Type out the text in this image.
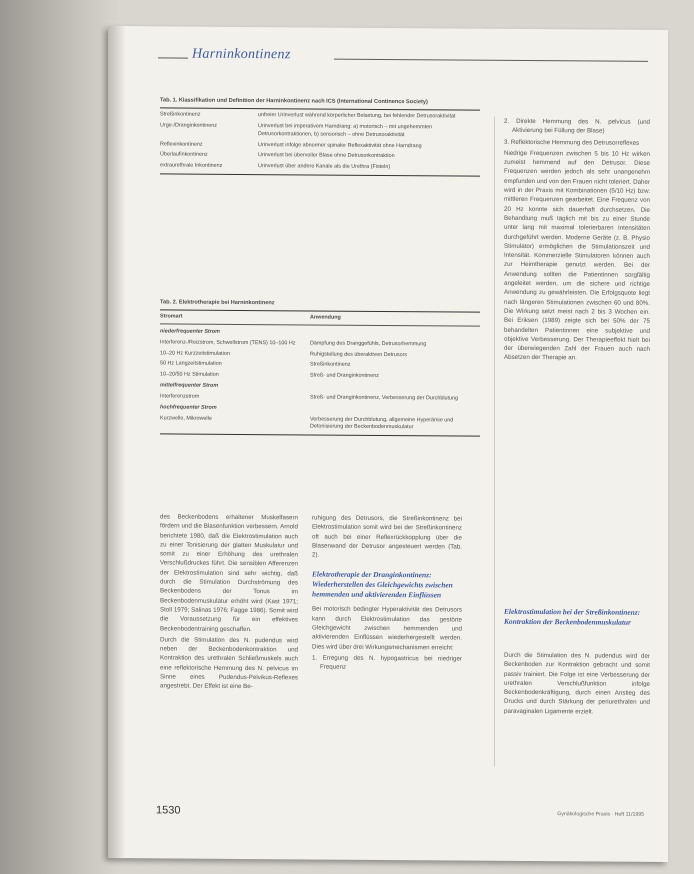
Harninkontinenz
Tab. 1. Klassifikation und Definition der Harninkontinenz nach ICS (International Continence Society)
Streßinkontinenz	unfreier Urinverlust während körperlicher Belastung, bei fehlender Detrusoraktivität
Urge-/Dranginkontinenz	Urinverlust bei imperativem Harndrang: a) motorisch – mit ungehemmten Detrusorkontraktionen, b) sensorisch – ohne Detrusoraktivität
Reflexinkontinenz	Urinverlust infolge abnormer spinaler Reflexaktivität ohne Harndrang
Überlaufinkontinenz	Urinverlust bei übervoller Blase ohne Detrusorkontraktion
extraurethrale Inkontinenz	Urinverlust über andere Kanäle als die Urethra (Fisteln)
Tab. 2. Elektrotherapie bei Harninkontinenz
Stromart	Anwendung
niederfrequenter Strom
Interferenz-/Reizstrom, Schwellstrom (TENS) 10–100 Hz	Dämpfung des Dranggefühls, Detrusorhemmung
10–20 Hz Kurzzeitstimulation	Ruhigstellung des überaktiven Detrusors
50 Hz Langzeitstimulation	Streßinkontinenz
10–20/50 Hz Stimulation	Streß- und Dranginkontinenz
mittelfrequenter Strom
Interferenzstrom	Streß- und Dranginkontinenz, Verbesserung der Durchblutung
hochfrequenter Strom
Kurzwelle, Mikrowelle	Verbesserung der Durchblutung, allgemeine Hyperämie und Detonisierung der Beckenbodenmuskulatur

des Beckenbodens erhaltener Muskelfasern fördern und die Blasenfunktion verbessern. Arnold berichtete 1980, daß die Elektrostimulation auch zu einer Tonisierung der glatten Muskulatur und somit zu einer Erhöhung des urethralen Verschlußdruckes führt. Die sensiblen Afferenzen der Elektrostimulation sind sehr wichtig, daß durch die Stimulation Durchströmung des Beckenbodens der Tonus im Beckenbodenmuskulatur erhöht wird (Kast 1971; Stoll 1979; Salinas 1976; Fagge 1986). Somit wird die Voraussetzung für ein effektives Beckenbodentraining geschaffen.

Durch die Stimulation des N. pudendus wird neben der Beckenbodenkontraktion und Kontraktion des urethralen Schließmuskels auch eine reflektorische Hemmung des N. pelvicus im Sinne eines Pudendus-Pelvikus-Reflexes angestrebt. Der Effekt ist eine Be-

ruhigung des Detrusors, die Streßinkontinenz bei Elektrostimulation somit wird bei der Streßinkontinenz oft auch bei einer Reflexrückkopplung über die Blasenwand der Detrusor angesteuert werden (Tab. 2).

Elektrotherapie der Dranginkontinenz: Wiederherstellen des Gleichgewichts zwischen hemmenden und aktivierenden Einflüssen

Bei motorisch bedingter Hyperaktivität des Detrusors kann durch Elektrostimulation das gestörte Gleichgewicht zwischen hemmenden und aktivierenden Einflüssen wiederhergestellt werden. Dies wird über drei Wirkungsmechanismen erreicht:

1. Erregung des N. hypogastricus bei niedriger Frequenz

2. Direkte Hemmung des N. pelvicus (und Aktivierung bei Füllung der Blase)

3. Reflektorische Hemmung des Detrusorreflexes

Niedrige Frequenzen zwischen 5 bis 10 Hz wirken zumeist hemmend auf den Detrusor. Diese Frequenzen werden jedoch als sehr unangenehm empfunden und von den Frauen nicht toleriert. Daher wird in der Praxis mit Kombinationen (5/10 Hz) bzw. mittleren Frequenzen gearbeitet. Eine Frequenz von 20 Hz konnte sich dauerhaft durchsetzen. Die Behandlung muß täglich mit bis zu einer Stunde unter lang mit maximal tolerierbaren Intensitäten durchgeführt werden. Moderne Geräte (z. B. Physio Stimulator) ermöglichen die Stimulationszeit und Intensität. Kommerzielle Stimulatoren können auch zur Heimtherapie genutzt werden. Bei der Anwendung sollten die Patientinnen sorgfältig angeleitet werden, um die sichere und richtige Anwendung zu gewährleisten. Die Erfolgsquote liegt nach längeren Stimulationen zwischen 60 und 80%. Die Wirkung setzt meist nach 2 bis 3 Wochen ein. Bei Eriksen (1989) zeigte sich bei 50% der 75 behandelten Patientinnen eine subjektive und objektive Verbesserung. Der Therapieeffekt hielt bei der überwiegenden Zahl der Frauen auch nach Absetzen der Therapie an.

Elektrostimulation bei der Streßinkontinenz: Kontraktion der Beckenbodenmuskulatur

Durch die Stimulation des N. pudendus wird der Beckenboden zur Kontraktion gebracht und somit passiv trainiert. Die Folge ist eine Verbesserung der urethralen Verschlußfunktion infolge Beckenbodenkräftigung, durch einen Anstieg des Drucks und durch Stärkung der periurethralen und paravaginalen Ligamente erzielt.

1530	Gynäkologische Praxis · Heft 11/1995
